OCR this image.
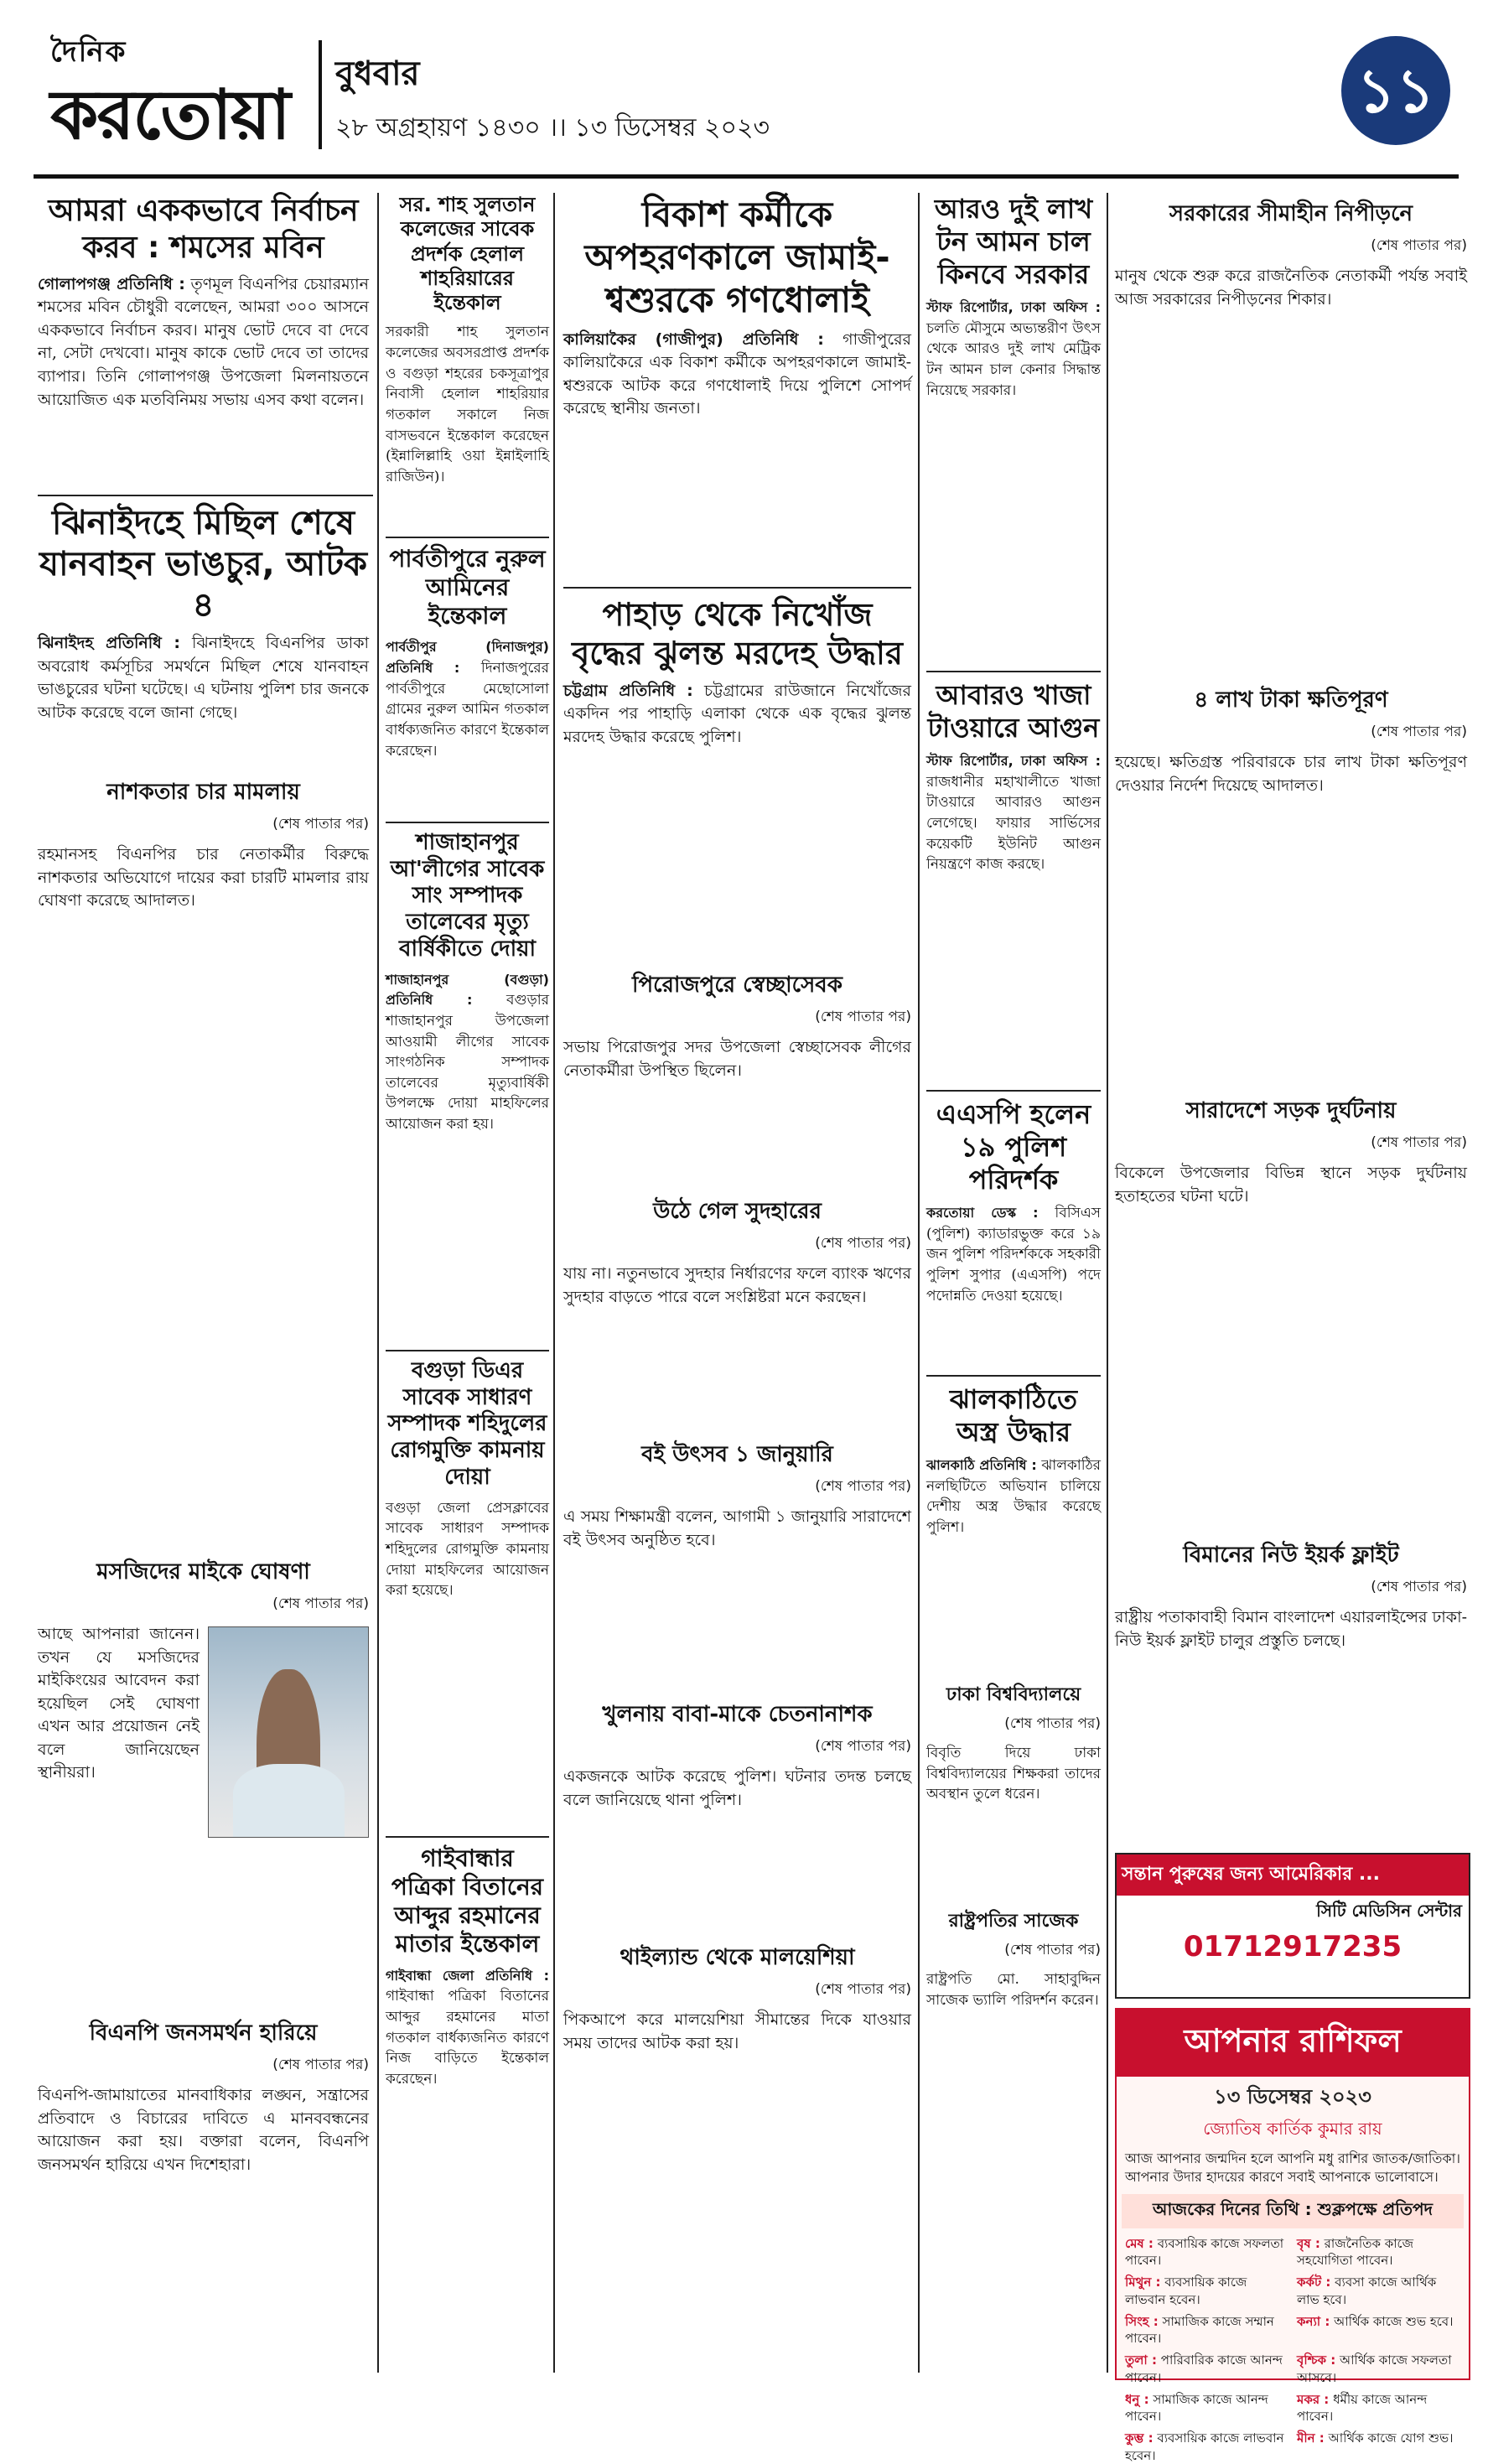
দৈনিক
করতোয়া
বুধবার
২৮ অগ্রহায়ণ ১৪৩০ ।। ১৩ ডিসেম্বর ২০২৩
১১
আমরা এককভাবে নির্বাচন করব : শমসের মবিন

গোলাপগঞ্জ প্রতিনিধি : তৃণমূল বিএনপির চেয়ারম্যান শমসের মবিন চৌধুরী বলেছেন, আমরা ৩০০ আসনে এককভাবে নির্বাচন করব। মানুষ ভোট দেবে বা দেবে না, সেটা দেখবো। মানুষ কাকে ভোট দেবে তা তাদের ব্যাপার। তিনি গোলাপগঞ্জ উপজেলা মিলনায়তনে আয়োজিত এক মতবিনিময় সভায় এসব কথা বলেন।

ঝিনাইদহে মিছিল শেষে যানবাহন ভাঙচুর, আটক ৪

ঝিনাইদহ প্রতিনিধি : ঝিনাইদহে বিএনপির ডাকা অবরোধ কর্মসূচির সমর্থনে মিছিল শেষে যানবাহন ভাঙচুরের ঘটনা ঘটেছে। এ ঘটনায় পুলিশ চার জনকে আটক করেছে বলে জানা গেছে।

নাশকতার চার মামলায়
(শেষ পাতার পর)

রহমানসহ বিএনপির চার নেতাকর্মীর বিরুদ্ধে নাশকতার অভিযোগে দায়ের করা চারটি মামলার রায় ঘোষণা করেছে আদালত।

মসজিদের মাইকে ঘোষণা
(শেষ পাতার পর)

আছে আপনারা জানেন। তখন যে মসজিদের মাইকিংয়ের আবেদন করা হয়েছিল সেই ঘোষণা এখন আর প্রয়োজন নেই বলে জানিয়েছেন স্থানীয়রা।

বিএনপি জনসমর্থন হারিয়ে
(শেষ পাতার পর)

বিএনপি-জামায়াতের মানবাধিকার লঙ্ঘন, সন্ত্রাসের প্রতিবাদে ও বিচারের দাবিতে এ মানববন্ধনের আয়োজন করা হয়। বক্তারা বলেন, বিএনপি জনসমর্থন হারিয়ে এখন দিশেহারা।

সর. শাহ সুলতান কলেজের সাবেক প্রদর্শক হেলাল শাহরিয়ারের ইন্তেকাল

সরকারী শাহ সুলতান কলেজের অবসরপ্রাপ্ত প্রদর্শক ও বগুড়া শহরের চকসূত্রাপুর নিবাসী হেলাল শাহরিয়ার গতকাল সকালে নিজ বাসভবনে ইন্তেকাল করেছেন (ইন্নালিল্লাহি ওয়া ইন্নাইলাহি রাজিউন)।

পার্বতীপুরে নুরুল আমিনের ইন্তেকাল

পার্বতীপুর (দিনাজপুর) প্রতিনিধি : দিনাজপুরের পার্বতীপুরে মেছোসোলা গ্রামের নুরুল আমিন গতকাল বার্ধক্যজনিত কারণে ইন্তেকাল করেছেন।

শাজাহানপুর আ'লীগের সাবেক সাং সম্পাদক তালেবের মৃত্যু বার্ষিকীতে দোয়া

শাজাহানপুর (বগুড়া) প্রতিনিধি : বগুড়ার শাজাহানপুর উপজেলা আওয়ামী লীগের সাবেক সাংগঠনিক সম্পাদক তালেবের মৃত্যুবার্ষিকী উপলক্ষে দোয়া মাহফিলের আয়োজন করা হয়।

বগুড়া ডিএর সাবেক সাধারণ সম্পাদক শহিদুলের রোগমুক্তি কামনায় দোয়া

বগুড়া জেলা প্রেসক্লাবের সাবেক সাধারণ সম্পাদক শহিদুলের রোগমুক্তি কামনায় দোয়া মাহফিলের আয়োজন করা হয়েছে।

গাইবান্ধার পত্রিকা বিতানের আব্দুর রহমানের মাতার ইন্তেকাল

গাইবান্ধা জেলা প্রতিনিধি : গাইবান্ধা পত্রিকা বিতানের আব্দুর রহমানের মাতা গতকাল বার্ধক্যজনিত কারণে নিজ বাড়িতে ইন্তেকাল করেছেন।

বিকাশ কর্মীকে অপহরণকালে জামাই-শ্বশুরকে গণধোলাই

কালিয়াকৈর (গাজীপুর) প্রতিনিধি : গাজীপুরের কালিয়াকৈরে এক বিকাশ কর্মীকে অপহরণকালে জামাই-শ্বশুরকে আটক করে গণধোলাই দিয়ে পুলিশে সোপর্দ করেছে স্থানীয় জনতা।

পাহাড় থেকে নিখোঁজ বৃদ্ধের ঝুলন্ত মরদেহ উদ্ধার

চট্টগ্রাম প্রতিনিধি : চট্টগ্রামের রাউজানে নিখোঁজের একদিন পর পাহাড়ি এলাকা থেকে এক বৃদ্ধের ঝুলন্ত মরদেহ উদ্ধার করেছে পুলিশ।

পিরোজপুরে স্বেচ্ছাসেবক
(শেষ পাতার পর)

সভায় পিরোজপুর সদর উপজেলা স্বেচ্ছাসেবক লীগের নেতাকর্মীরা উপস্থিত ছিলেন।

উঠে গেল সুদহারের
(শেষ পাতার পর)

যায় না। নতুনভাবে সুদহার নির্ধারণের ফলে ব্যাংক ঋণের সুদহার বাড়তে পারে বলে সংশ্লিষ্টরা মনে করছেন।

বই উৎসব ১ জানুয়ারি
(শেষ পাতার পর)

এ সময় শিক্ষামন্ত্রী বলেন, আগামী ১ জানুয়ারি সারাদেশে বই উৎসব অনুষ্ঠিত হবে।

খুলনায় বাবা-মাকে চেতনানাশক
(শেষ পাতার পর)

একজনকে আটক করেছে পুলিশ। ঘটনার তদন্ত চলছে বলে জানিয়েছে থানা পুলিশ।

থাইল্যান্ড থেকে মালয়েশিয়া
(শেষ পাতার পর)

পিকআপে করে মালয়েশিয়া সীমান্তের দিকে যাওয়ার সময় তাদের আটক করা হয়।

আরও দুই লাখ টন আমন চাল কিনবে সরকার

স্টাফ রিপোর্টার, ঢাকা অফিস : চলতি মৌসুমে অভ্যন্তরীণ উৎস থেকে আরও দুই লাখ মেট্রিক টন আমন চাল কেনার সিদ্ধান্ত নিয়েছে সরকার।

আবারও খাজা টাওয়ারে আগুন

স্টাফ রিপোর্টার, ঢাকা অফিস : রাজধানীর মহাখালীতে খাজা টাওয়ারে আবারও আগুন লেগেছে। ফায়ার সার্ভিসের কয়েকটি ইউনিট আগুন নিয়ন্ত্রণে কাজ করছে।

এএসপি হলেন ১৯ পুলিশ পরিদর্শক

করতোয়া ডেস্ক : বিসিএস (পুলিশ) ক্যাডারভুক্ত করে ১৯ জন পুলিশ পরিদর্শককে সহকারী পুলিশ সুপার (এএসপি) পদে পদোন্নতি দেওয়া হয়েছে।

ঝালকাঠিতে অস্ত্র উদ্ধার

ঝালকাঠি প্রতিনিধি : ঝালকাঠির নলছিটিতে অভিযান চালিয়ে দেশীয় অস্ত্র উদ্ধার করেছে পুলিশ।

ঢাকা বিশ্ববিদ্যালয়ে
(শেষ পাতার পর)

বিবৃতি দিয়ে ঢাকা বিশ্ববিদ্যালয়ের শিক্ষকরা তাদের অবস্থান তুলে ধরেন।

রাষ্ট্রপতির সাজেক
(শেষ পাতার পর)

রাষ্ট্রপতি মো. সাহাবুদ্দিন সাজেক ভ্যালি পরিদর্শন করেন।

সরকারের সীমাহীন নিপীড়নে
(শেষ পাতার পর)

মানুষ থেকে শুরু করে রাজনৈতিক নেতাকর্মী পর্যন্ত সবাই আজ সরকারের নিপীড়নের শিকার।

৪ লাখ টাকা ক্ষতিপূরণ
(শেষ পাতার পর)

হয়েছে। ক্ষতিগ্রস্ত পরিবারকে চার লাখ টাকা ক্ষতিপূরণ দেওয়ার নির্দেশ দিয়েছে আদালত।

সারাদেশে সড়ক দুর্ঘটনায়
(শেষ পাতার পর)

বিকেলে উপজেলার বিভিন্ন স্থানে সড়ক দুর্ঘটনায় হতাহতের ঘটনা ঘটে।

বিমানের নিউ ইয়র্ক ফ্লাইট
(শেষ পাতার পর)

রাষ্ট্রীয় পতাকাবাহী বিমান বাংলাদেশ এয়ারলাইন্সের ঢাকা-নিউ ইয়র্ক ফ্লাইট চালুর প্রস্তুতি চলছে।

সন্তান পুরুষের জন্য আমেরিকার ...
সিটি মেডিসিন সেন্টার
01712917235
আপনার রাশিফল
১৩ ডিসেম্বর ২০২৩
জ্যোতিষ কার্তিক কুমার রায়

আজ আপনার জন্মদিন হলে আপনি মধু রাশির জাতক/জাতিকা। আপনার উদার হাদয়ের কারণে সবাই আপনাকে ভালোবাসে।

আজকের দিনের তিথি : শুক্লপক্ষে প্রতিপদ
মেষ : ব্যবসায়িক কাজে সফলতা পাবেন।
বৃষ : রাজনৈতিক কাজে সহযোগিতা পাবেন।
মিথুন : ব্যবসায়িক কাজে লাভবান হবেন।
কর্কট : ব্যবসা কাজে আর্থিক লাভ হবে।
সিংহ : সামাজিক কাজে সম্মান পাবেন।
কন্যা : আর্থিক কাজে শুভ হবে।
তুলা : পারিবারিক কাজে আনন্দ পাবেন।
বৃশ্চিক : আর্থিক কাজে সফলতা আসবে।
ধনু : সামাজিক কাজে আনন্দ পাবেন।
মকর : ধর্মীয় কাজে আনন্দ পাবেন।
কুম্ভ : ব্যবসায়িক কাজে লাভবান হবেন।
মীন : আর্থিক কাজে যোগ শুভ।
